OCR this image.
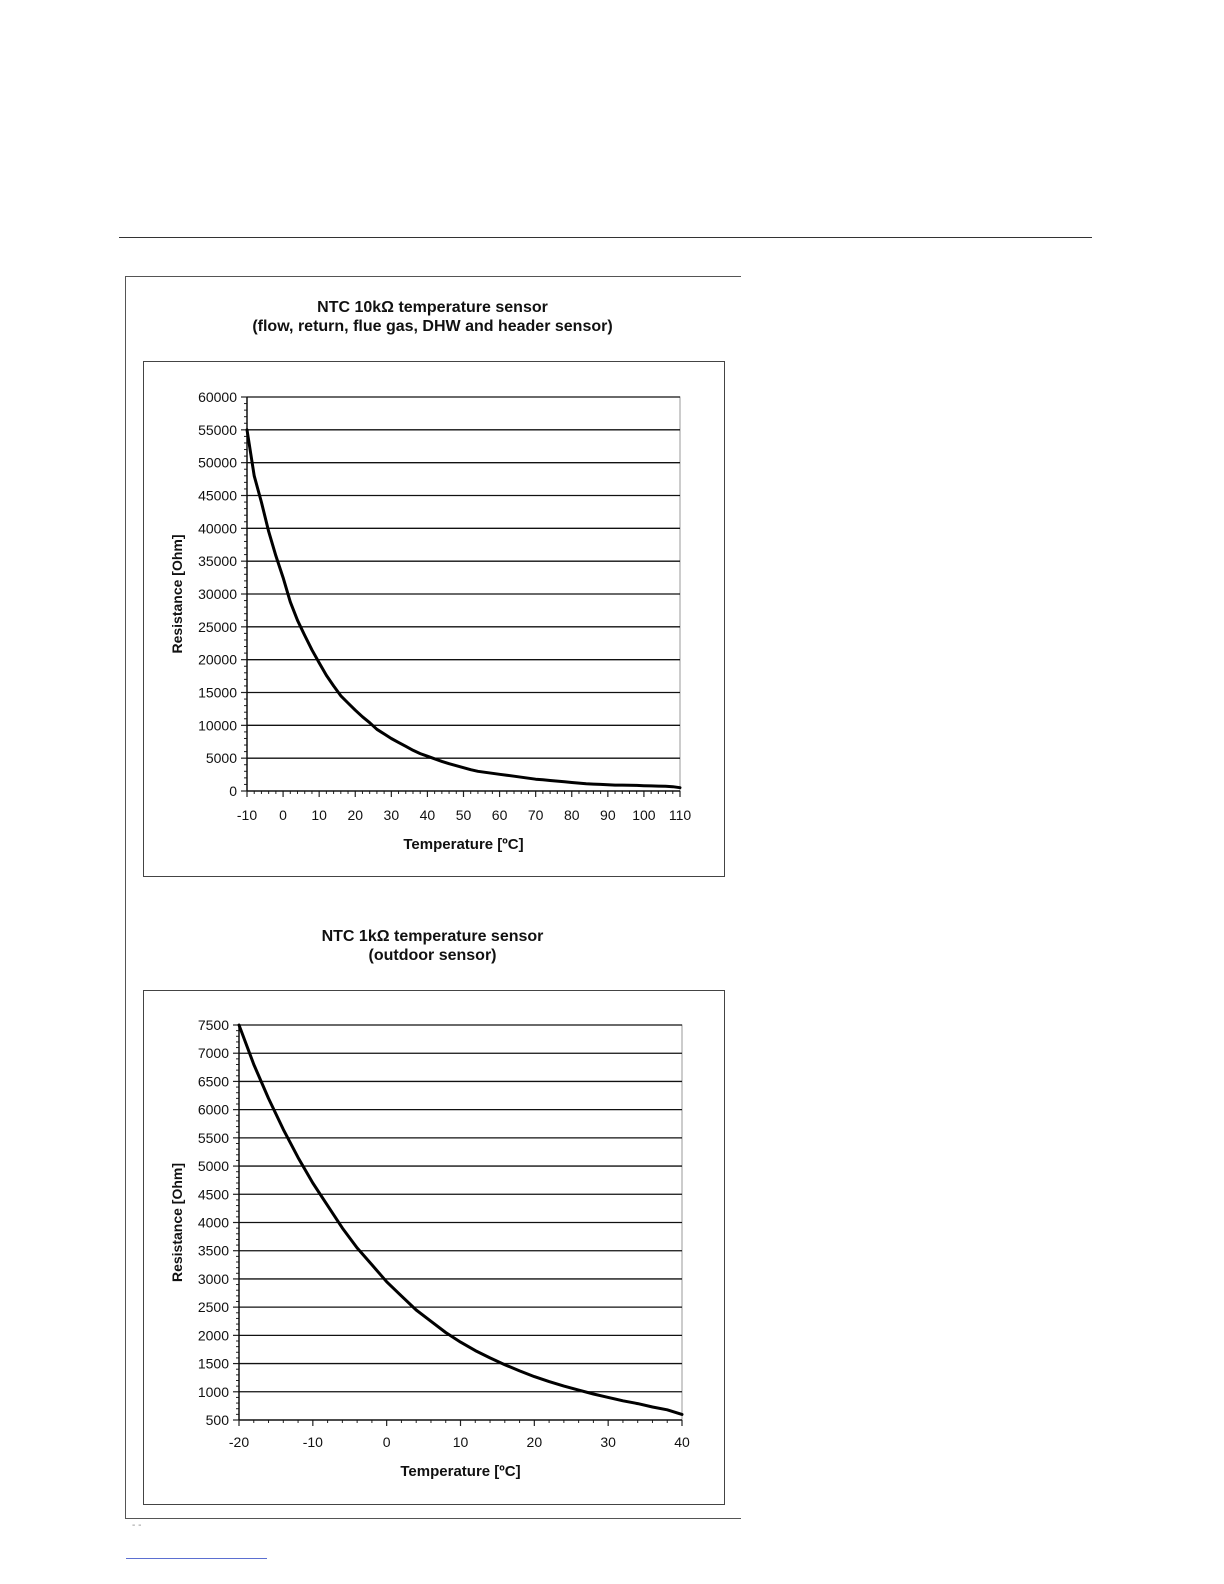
NTC 10kΩ temperature sensor
(flow, return, flue gas, DHW and header sensor)
0
5000
10000
15000
20000
25000
30000
35000
40000
45000
50000
55000
60000
-10 0 10 20 30 40 50 60 70 80 90 100 110
Temperature [ºC]
Resistance [Ohm]
NTC 1kΩ temperature sensor
(outdoor sensor)
500
1000
1500
2000
2500
3000
3500
4000
4500
5000
5500
6000
6500
7000
7500
-20	-10	0	10	20	30	40
Temperature [ºC]
Resistance [Ohm]
- -
